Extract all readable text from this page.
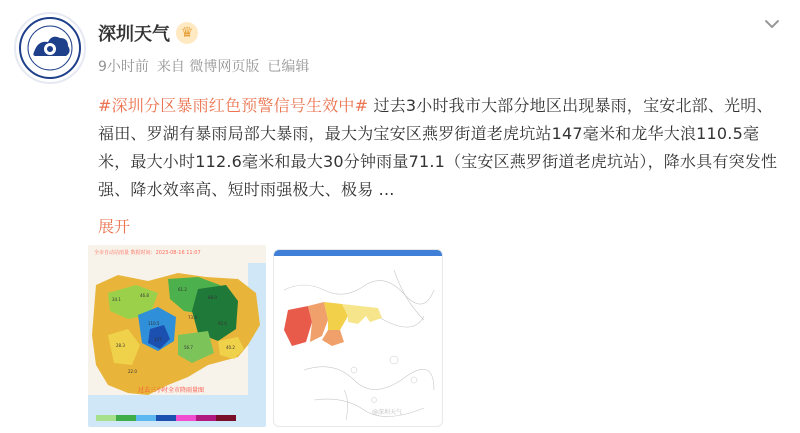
深圳天气 ♛
9小时前 来自 微博网页版 已编辑
#深圳分区暴雨红色预警信号生效中# 过去3小时我市大部分地区出现暴雨，宝安北部、光明、福田、罗湖有暴雨局部大暴雨，最大为宝安区燕罗街道老虎坑站147毫米和龙华大浪110.5毫米，最大小时112.6毫米和最大30分钟雨量71.1（宝安区燕罗街道老虎坑站），降水具有突发性强、降水效率高、短时雨强极大、极易 ...
展开
34.1
46.8
61.2
88.0
110.5
147
73.4
92.6
28.3	56.7	40.2
22.0
全市自动站雨量 数据时间：2023-08-16 11:07
过去三小时全市降雨量图
@深圳天气
